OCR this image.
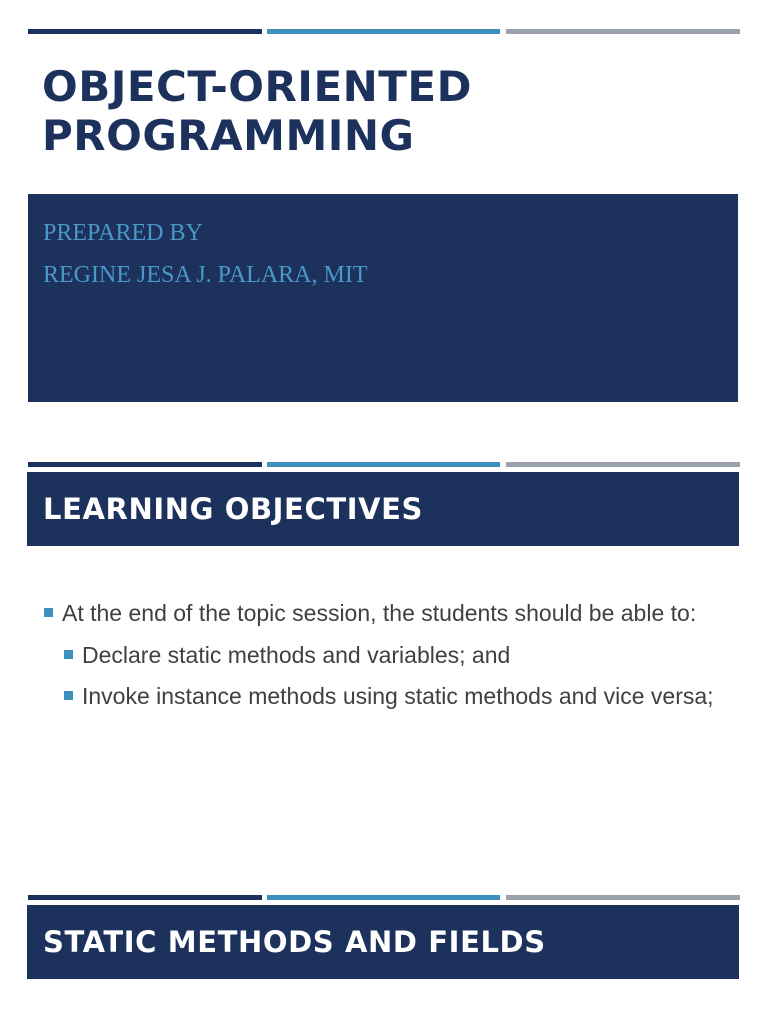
OBJECT-ORIENTED
PROGRAMMING
PREPARED BY
REGINE JESA J. PALARA, MIT
LEARNING OBJECTIVES
At the end of the topic session, the students should be able to:
Declare static methods and variables; and
Invoke instance methods using static methods and vice versa;
STATIC METHODS AND FIELDS
